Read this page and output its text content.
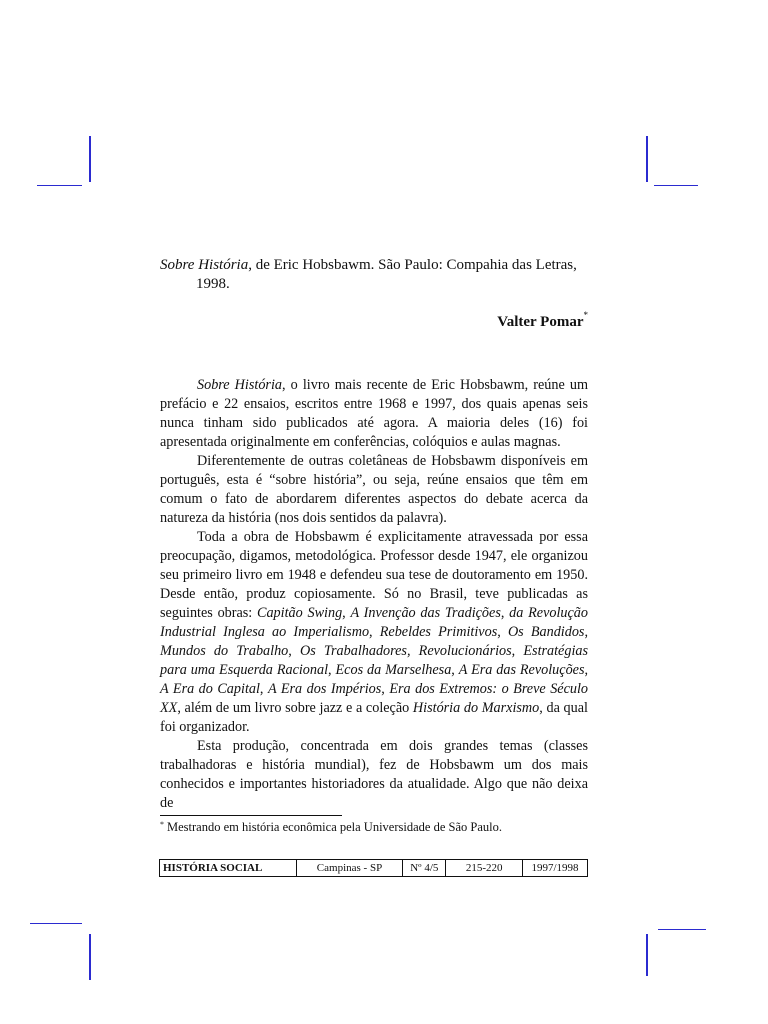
Sobre História, de Eric Hobsbawm. São Paulo: Compahia das Letras,
1998.
Valter Pomar*

Sobre História, o livro mais recente de Eric Hobsbawm, reúne um prefácio e 22 ensaios, escritos entre 1968 e 1997, dos quais apenas seis nunca tinham sido publicados até agora. A maioria deles (16) foi apresentada originalmente em conferências, colóquios e aulas magnas.

Diferentemente de outras coletâneas de Hobsbawm disponíveis em português, esta é “sobre história”, ou seja, reúne ensaios que têm em comum o fato de abordarem diferentes aspectos do debate acerca da natureza da história (nos dois sentidos da palavra).

Toda a obra de Hobsbawm é explicitamente atravessada por essa preocupação, digamos, metodológica. Professor desde 1947, ele organizou seu primeiro livro em 1948 e defendeu sua tese de doutoramento em 1950. Desde então, produz copiosamente. Só no Brasil, teve publicadas as seguintes obras: Capitão Swing, A Invenção das Tradições, da Revolução Industrial Inglesa ao Imperialismo, Rebeldes Primitivos, Os Bandidos, Mundos do Trabalho, Os Trabalhadores, Revolucionários, Estratégias para uma Esquerda Racional, Ecos da Marselhesa, A Era das Revoluções, A Era do Capital, A Era dos Impérios, Era dos Extremos: o Breve Século XX, além de um livro sobre jazz e a coleção História do Marxismo, da qual foi organizador.

Esta produção, concentrada em dois grandes temas (classes trabalhadoras e história mundial), fez de Hobsbawm um dos mais conhecidos e importantes historiadores da atualidade. Algo que não deixa de

* Mestrando em história econômica pela Universidade de São Paulo.
HISTÓRIA SOCIAL	Campinas - SP	Nº 4/5	215-220	1997/1998
